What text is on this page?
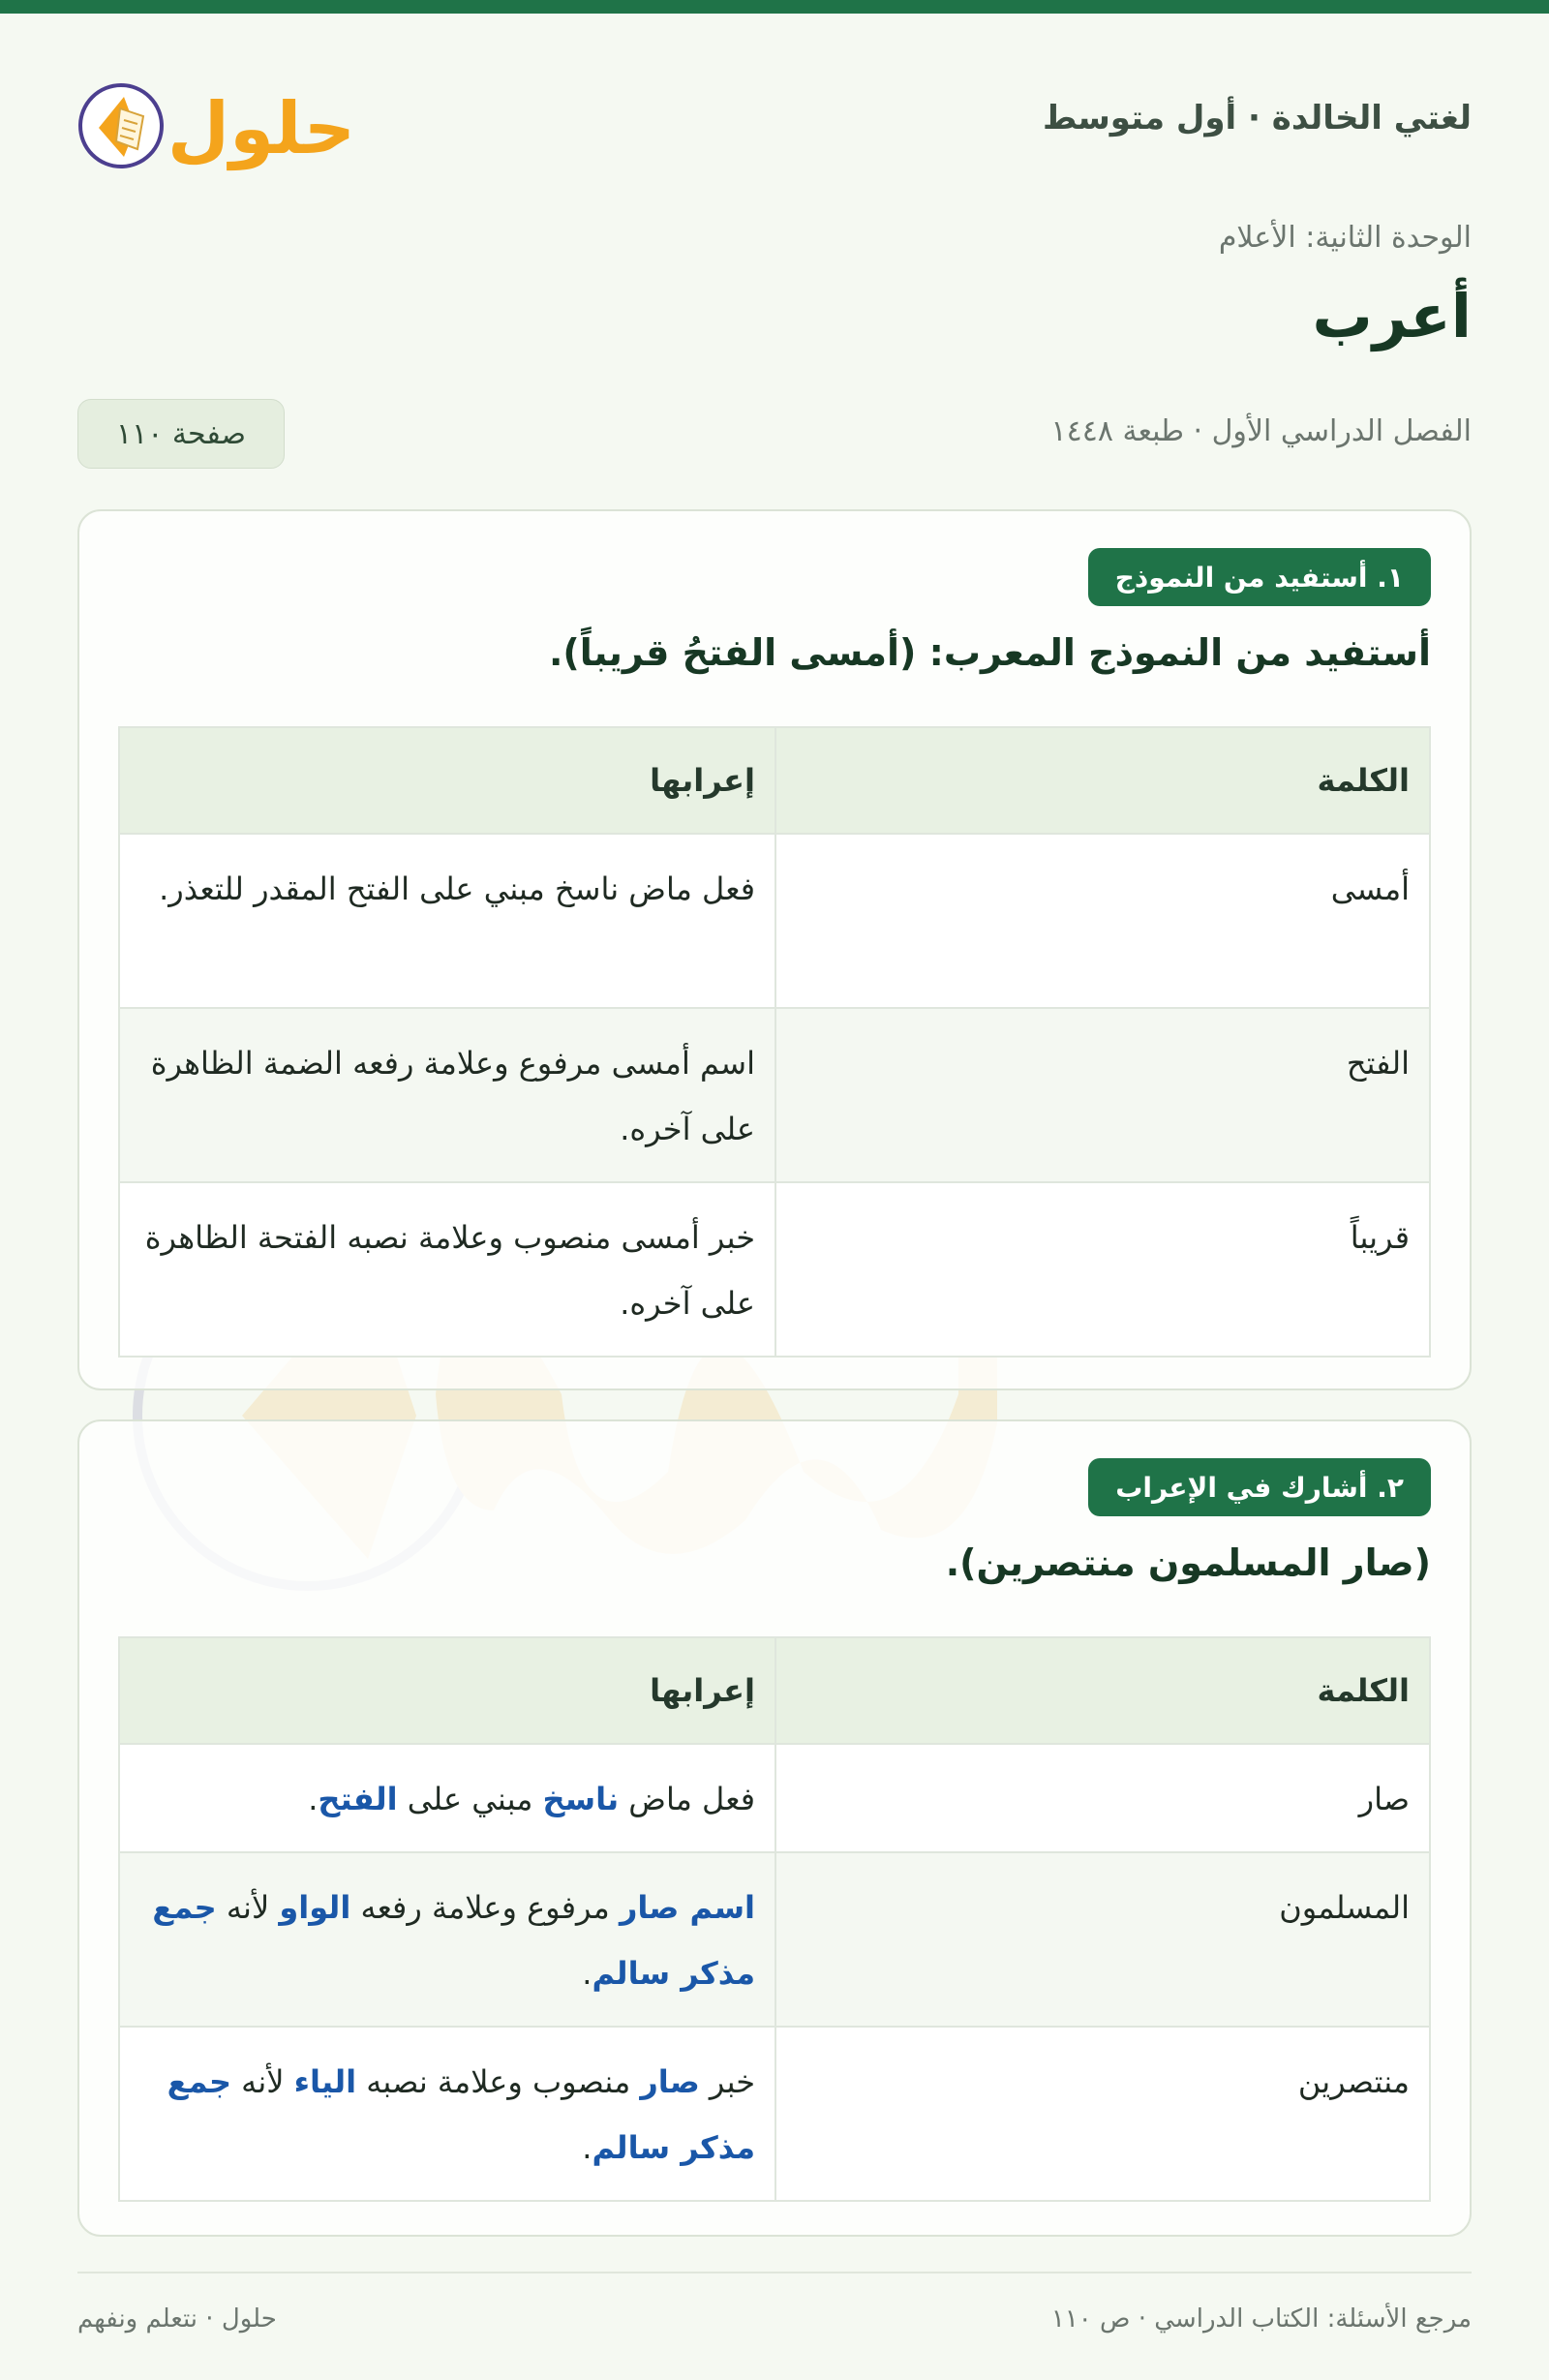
لغتي الخالدة · أول متوسط
حلول
الوحدة الثانية: الأعلام
أعرب
الفصل الدراسي الأول · طبعة ١٤٤٨
صفحة ١١٠
١. أستفيد من النموذج
أستفيد من النموذج المعرب: (أمسى الفتحُ قريباً).
الكلمة
إعرابها
أمسى
فعل ماض ناسخ مبني على الفتح المقدر للتعذر.
الفتح
اسم أمسى مرفوع وعلامة رفعه الضمة الظاهرة على آخره.
قريباً
خبر أمسى منصوب وعلامة نصبه الفتحة الظاهرة على آخره.
٢. أشارك في الإعراب
(صار المسلمون منتصرين).
الكلمة
إعرابها
صار
فعل ماض ناسخ مبني على الفتح.
المسلمون
اسم صار مرفوع وعلامة رفعه الواو لأنه جمع مذكر سالم.
منتصرين
خبر صار منصوب وعلامة نصبه الياء لأنه جمع مذكر سالم.
حلول · نتعلم ونفهم	مرجع الأسئلة: الكتاب الدراسي · ص ١١٠
